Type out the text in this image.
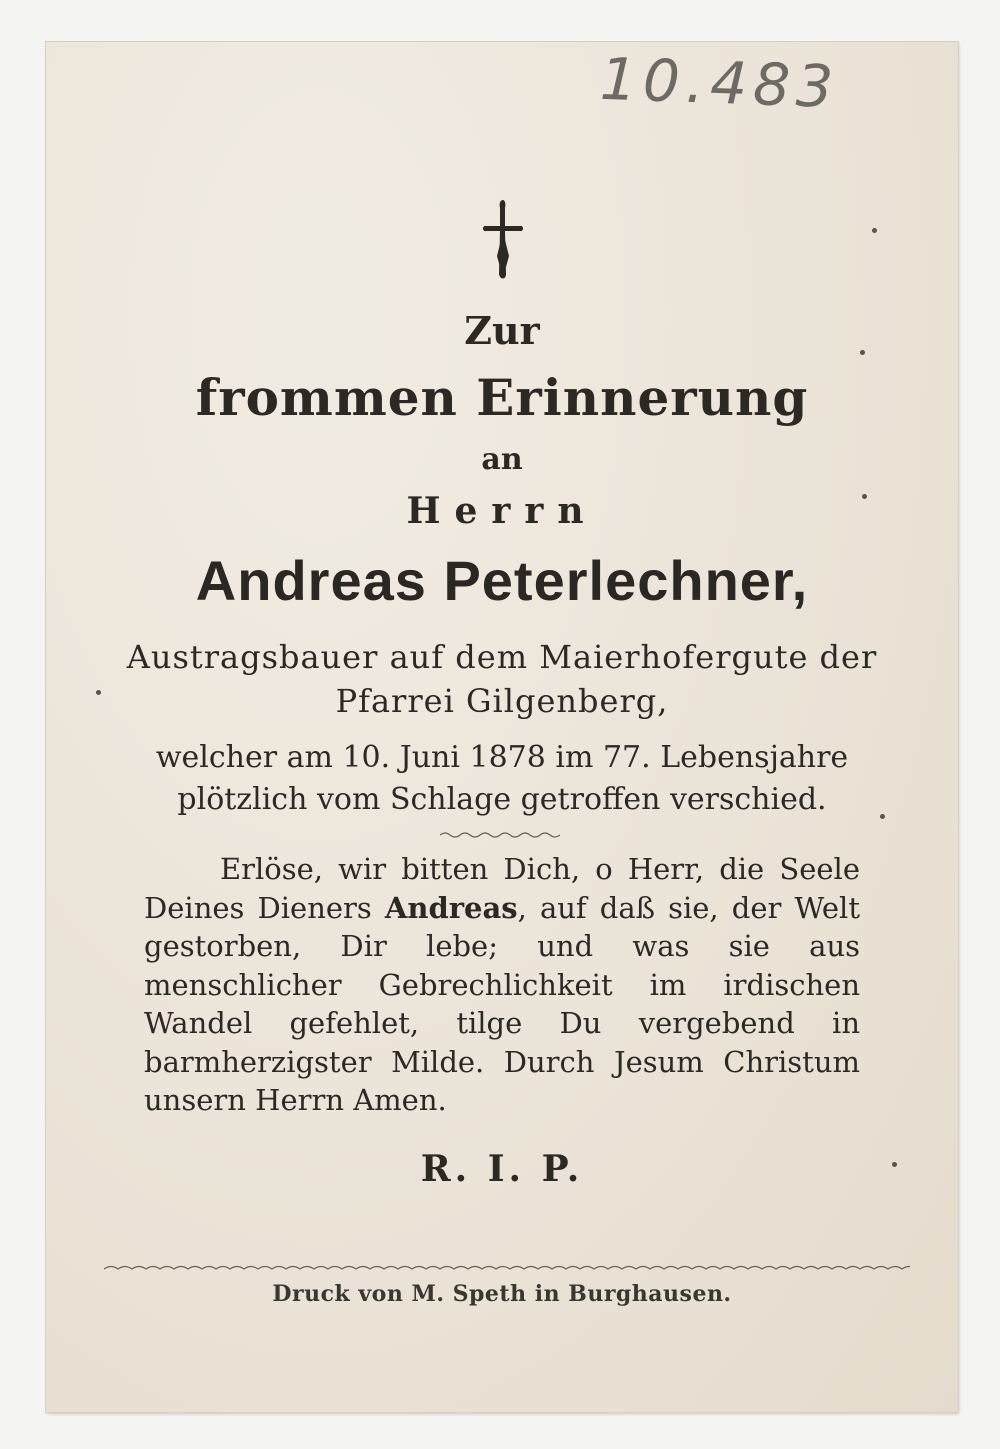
10.483
Zur
frommen Erinnerung
an
Herrn
Andreas Peterlechner,
Austragsbauer auf dem Maierhofergute der
Pfarrei Gilgenberg,
welcher am 10. Juni 1878 im 77. Lebensjahre
plötzlich vom Schlage getroffen verschied.
Erlöse, wir bitten Dich, o Herr, die Seele Deines Dieners Andreas, auf daß sie, der Welt gestorben, Dir lebe; und was sie aus menschlicher Gebrechlichkeit im irdischen Wandel gefehlet, tilge Du vergebend in barmherzigster Milde. Durch Jesum Christum unsern Herrn Amen.
R. I. P.
Druck von M. Speth in Burghausen.
